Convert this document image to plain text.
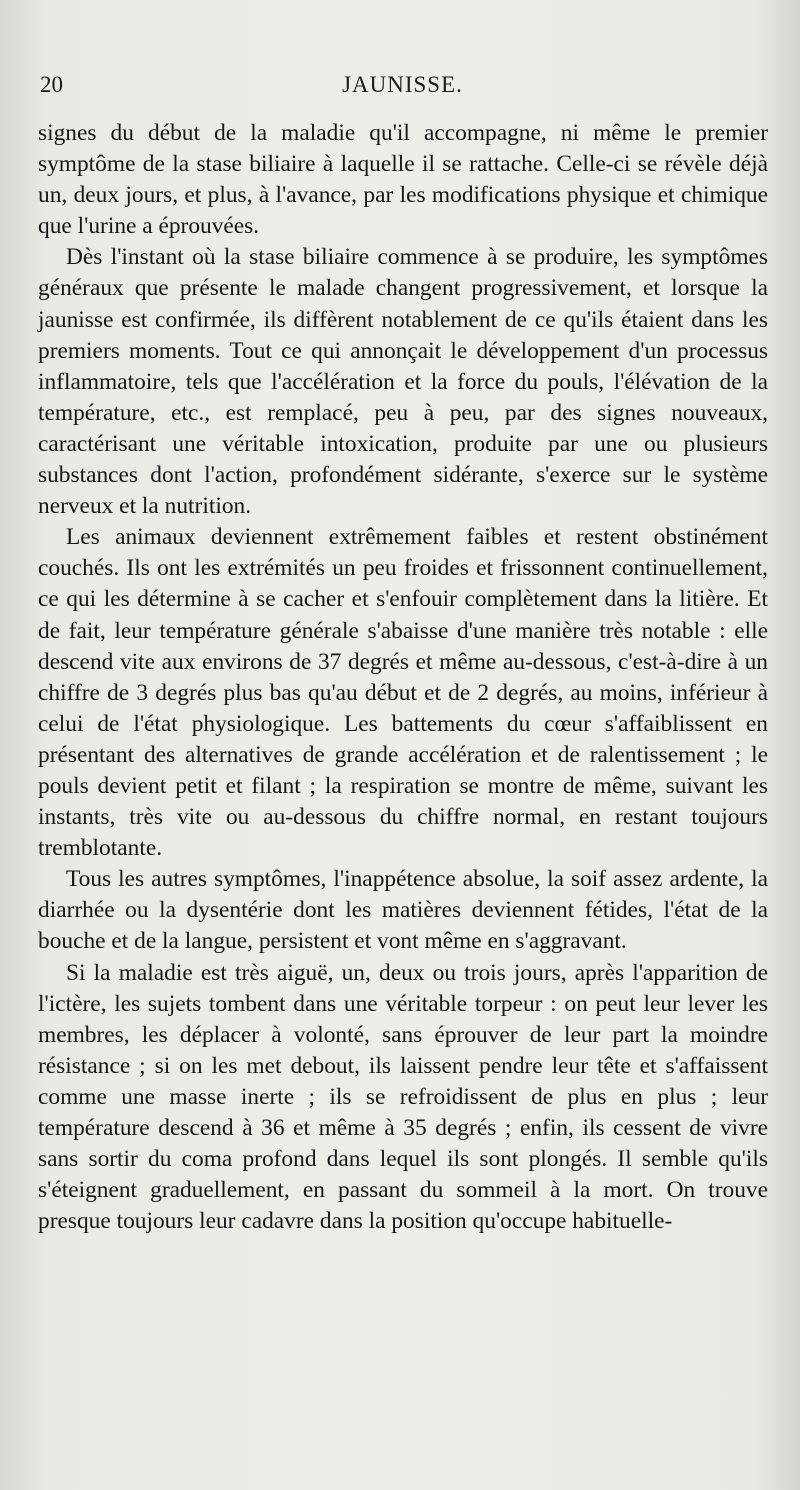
20	JAUNISSE.

signes du début de la maladie qu'il accompagne, ni même le premier symptôme de la stase biliaire à laquelle il se rattache. Celle-ci se révèle déjà un, deux jours, et plus, à l'avance, par les modifications physique et chimique que l'urine a éprouvées.

Dès l'instant où la stase biliaire commence à se produire, les symptômes généraux que présente le malade changent progressivement, et lorsque la jaunisse est confirmée, ils diffèrent notablement de ce qu'ils étaient dans les premiers moments. Tout ce qui annonçait le développement d'un processus inflammatoire, tels que l'accélération et la force du pouls, l'élévation de la température, etc., est remplacé, peu à peu, par des signes nouveaux, caractérisant une véritable intoxication, produite par une ou plusieurs substances dont l'action, profondément sidérante, s'exerce sur le système nerveux et la nutrition.

Les animaux deviennent extrêmement faibles et restent obstinément couchés. Ils ont les extrémités un peu froides et frissonnent continuellement, ce qui les détermine à se cacher et s'enfouir complètement dans la litière. Et de fait, leur température générale s'abaisse d'une manière très notable : elle descend vite aux environs de 37 degrés et même au-dessous, c'est-à-dire à un chiffre de 3 degrés plus bas qu'au début et de 2 degrés, au moins, inférieur à celui de l'état physiologique. Les battements du cœur s'affaiblissent en présentant des alternatives de grande accélération et de ralentissement ; le pouls devient petit et filant ; la respiration se montre de même, suivant les instants, très vite ou au-dessous du chiffre normal, en restant toujours tremblotante.

Tous les autres symptômes, l'inappétence absolue, la soif assez ardente, la diarrhée ou la dysentérie dont les matières deviennent fétides, l'état de la bouche et de la langue, persistent et vont même en s'aggravant.

Si la maladie est très aiguë, un, deux ou trois jours, après l'apparition de l'ictère, les sujets tombent dans une véritable torpeur : on peut leur lever les membres, les déplacer à volonté, sans éprouver de leur part la moindre résistance ; si on les met debout, ils laissent pendre leur tête et s'affaissent comme une masse inerte ; ils se refroidissent de plus en plus ; leur température descend à 36 et même à 35 degrés ; enfin, ils cessent de vivre sans sortir du coma profond dans lequel ils sont plongés. Il semble qu'ils s'éteignent graduellement, en passant du sommeil à la mort. On trouve presque toujours leur cadavre dans la position qu'occupe habituelle-
